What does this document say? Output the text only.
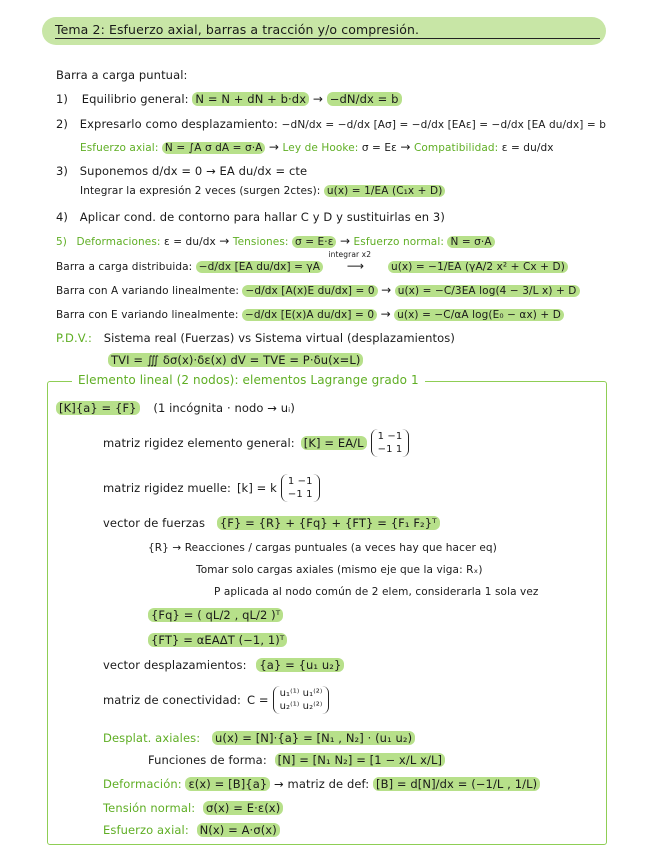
Tema 2: Esfuerzo axial, barras a tracción y/o compresión.
Barra a carga puntual:
1) Equilibrio general: N = N + dN + b·dx → −dN/dx = b
2) Expresarlo como desplazamiento: −dN/dx = −d/dx [Aσ] = −d/dx [EAε] = −d/dx [EA du/dx] = b
Esfuerzo axial: N = ∫A σ dA = σ·A → Ley de Hooke: σ = Eε → Compatibilidad: ε = du/dx
3) Suponemos d/dx = 0 → EA du/dx = cte
Integrar la expresión 2 veces (surgen 2ctes): u(x) = 1/EA (C₁x + D)
4) Aplicar cond. de contorno para hallar C y D y sustituirlas en 3)
5) Deformaciones: ε = du/dx → Tensiones: σ = E·ε → Esfuerzo normal: N = σ·A
Barra a carga distribuida: −d/dx [EA du/dx] = γA
integrar x2
⟶	u(x) = −1/EA (γA/2 x² + Cx + D)
Barra con A variando linealmente: −d/dx [A(x)E du/dx] = 0 → u(x) = −C/3EA log(4 − 3/L x) + D
Barra con E variando linealmente: −d/dx [E(x)A du/dx] = 0 → u(x) = −C/αA log(E₀ − αx) + D
P.D.V.: Sistema real (Fuerzas) vs Sistema virtual (desplazamientos)
TVI = ∭ δσ(x)·δε(x) dV = TVE = P·δu(x=L)
Elemento lineal (2 nodos): elementos Lagrange grado 1
[K]{a} = {F} (1 incógnita · nodo → uᵢ)
matriz rigidez elemento general: [K] = EA/L	1 −1
−1 1
matriz rigidez muelle: [k] = k 1 −1
−1 1
vector de fuerzas {F} = {R} + {Fq} + {FT} = {F₁ F₂}ᵀ
{R} → Reacciones / cargas puntuales (a veces hay que hacer eq)
Tomar solo cargas axiales (mismo eje que la viga: Rₓ)
P aplicada al nodo común de 2 elem, considerarla 1 sola vez
{Fq} = ( qL/2 , qL/2 )ᵀ
{FT} = αEAΔT (−1, 1)ᵀ
vector desplazamientos: {a} = {u₁ u₂}
matriz de conectividad: C = u₁⁽¹⁾ u₁⁽²⁾
u₂⁽¹⁾ u₂⁽²⁾
Desplat. axiales: u(x) = [N]·{a} = [N₁ , N₂] · (u₁ u₂)
Funciones de forma: [N] = [N₁ N₂] = [1 − x/L x/L]
Deformación: ε(x) = [B]{a} → matriz de def: [B] = d[N]/dx = (−1/L , 1/L)
Tensión normal: σ(x) = E·ε(x)
Esfuerzo axial: N(x) = A·σ(x)
